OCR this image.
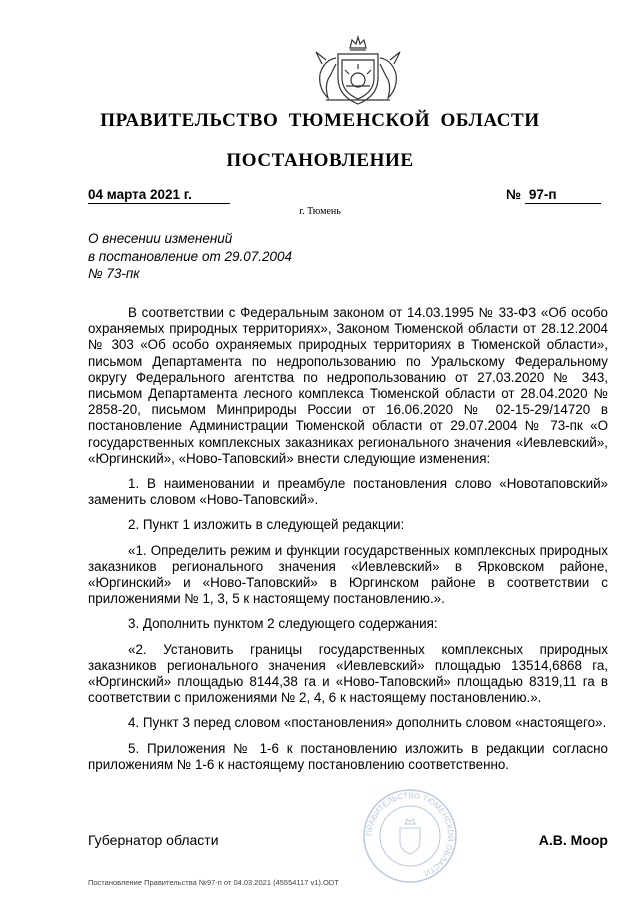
ПРАВИТЕЛЬСТВО ТЮМЕНСКОЙ ОБЛАСТИ
ПОСТАНОВЛЕНИЕ
04 марта 2021 г.	№ 97-п
г. Тюмень
О внесении изменений
в постановление от 29.07.2004
№ 73-пк

В соответствии с Федеральным законом от 14.03.1995 № 33-ФЗ «Об особо охраняемых природных территориях», Законом Тюменской области от 28.12.2004 № 303 «Об особо охраняемых природных территориях в Тюменской области», письмом Департамента по недропользованию по Уральскому Федеральному округу Федерального агентства по недропользованию от 27.03.2020 № 343, письмом Департамента лесного комплекса Тюменской области от 28.04.2020 № 2858-20, письмом Минприроды России от 16.06.2020 № 02-15-29/14720 в постановление Администрации Тюменской области от 29.07.2004 № 73-пк «О государственных комплексных заказниках регионального значения «Иевлевский», «Юргинский», «Ново-Таповский» внести следующие изменения:

1. В наименовании и преамбуле постановления слово «Новотаповский» заменить словом «Ново-Таповский».

2. Пункт 1 изложить в следующей редакции:

«1. Определить режим и функции государственных комплексных природных заказников регионального значения «Иевлевский» в Ярковском районе, «Юргинский» и «Ново-Таповский» в Юргинском районе в соответствии с приложениями № 1, 3, 5 к настоящему постановлению.».

3. Дополнить пунктом 2 следующего содержания:

«2. Установить границы государственных комплексных природных заказников регионального значения «Иевлевский» площадью 13514,6868 га, «Юргинский» площадью 8144,38 га и «Ново-Таповский» площадью 8319,11 га в соответствии с приложениями № 2, 4, 6 к настоящему постановлению.».

4. Пункт 3 перед словом «постановления» дополнить словом «настоящего».

5. Приложения № 1-6 к постановлению изложить в редакции согласно приложениям № 1-6 к настоящему постановлению соответственно.

ПРАВИТЕЛЬСТВО ТЮМЕНСКОЙ ОБЛАСТИ
Губернатор области	А.В. Моор
Постановление Правительства №97-п от 04.03.2021 (45554117 v1).ODT
